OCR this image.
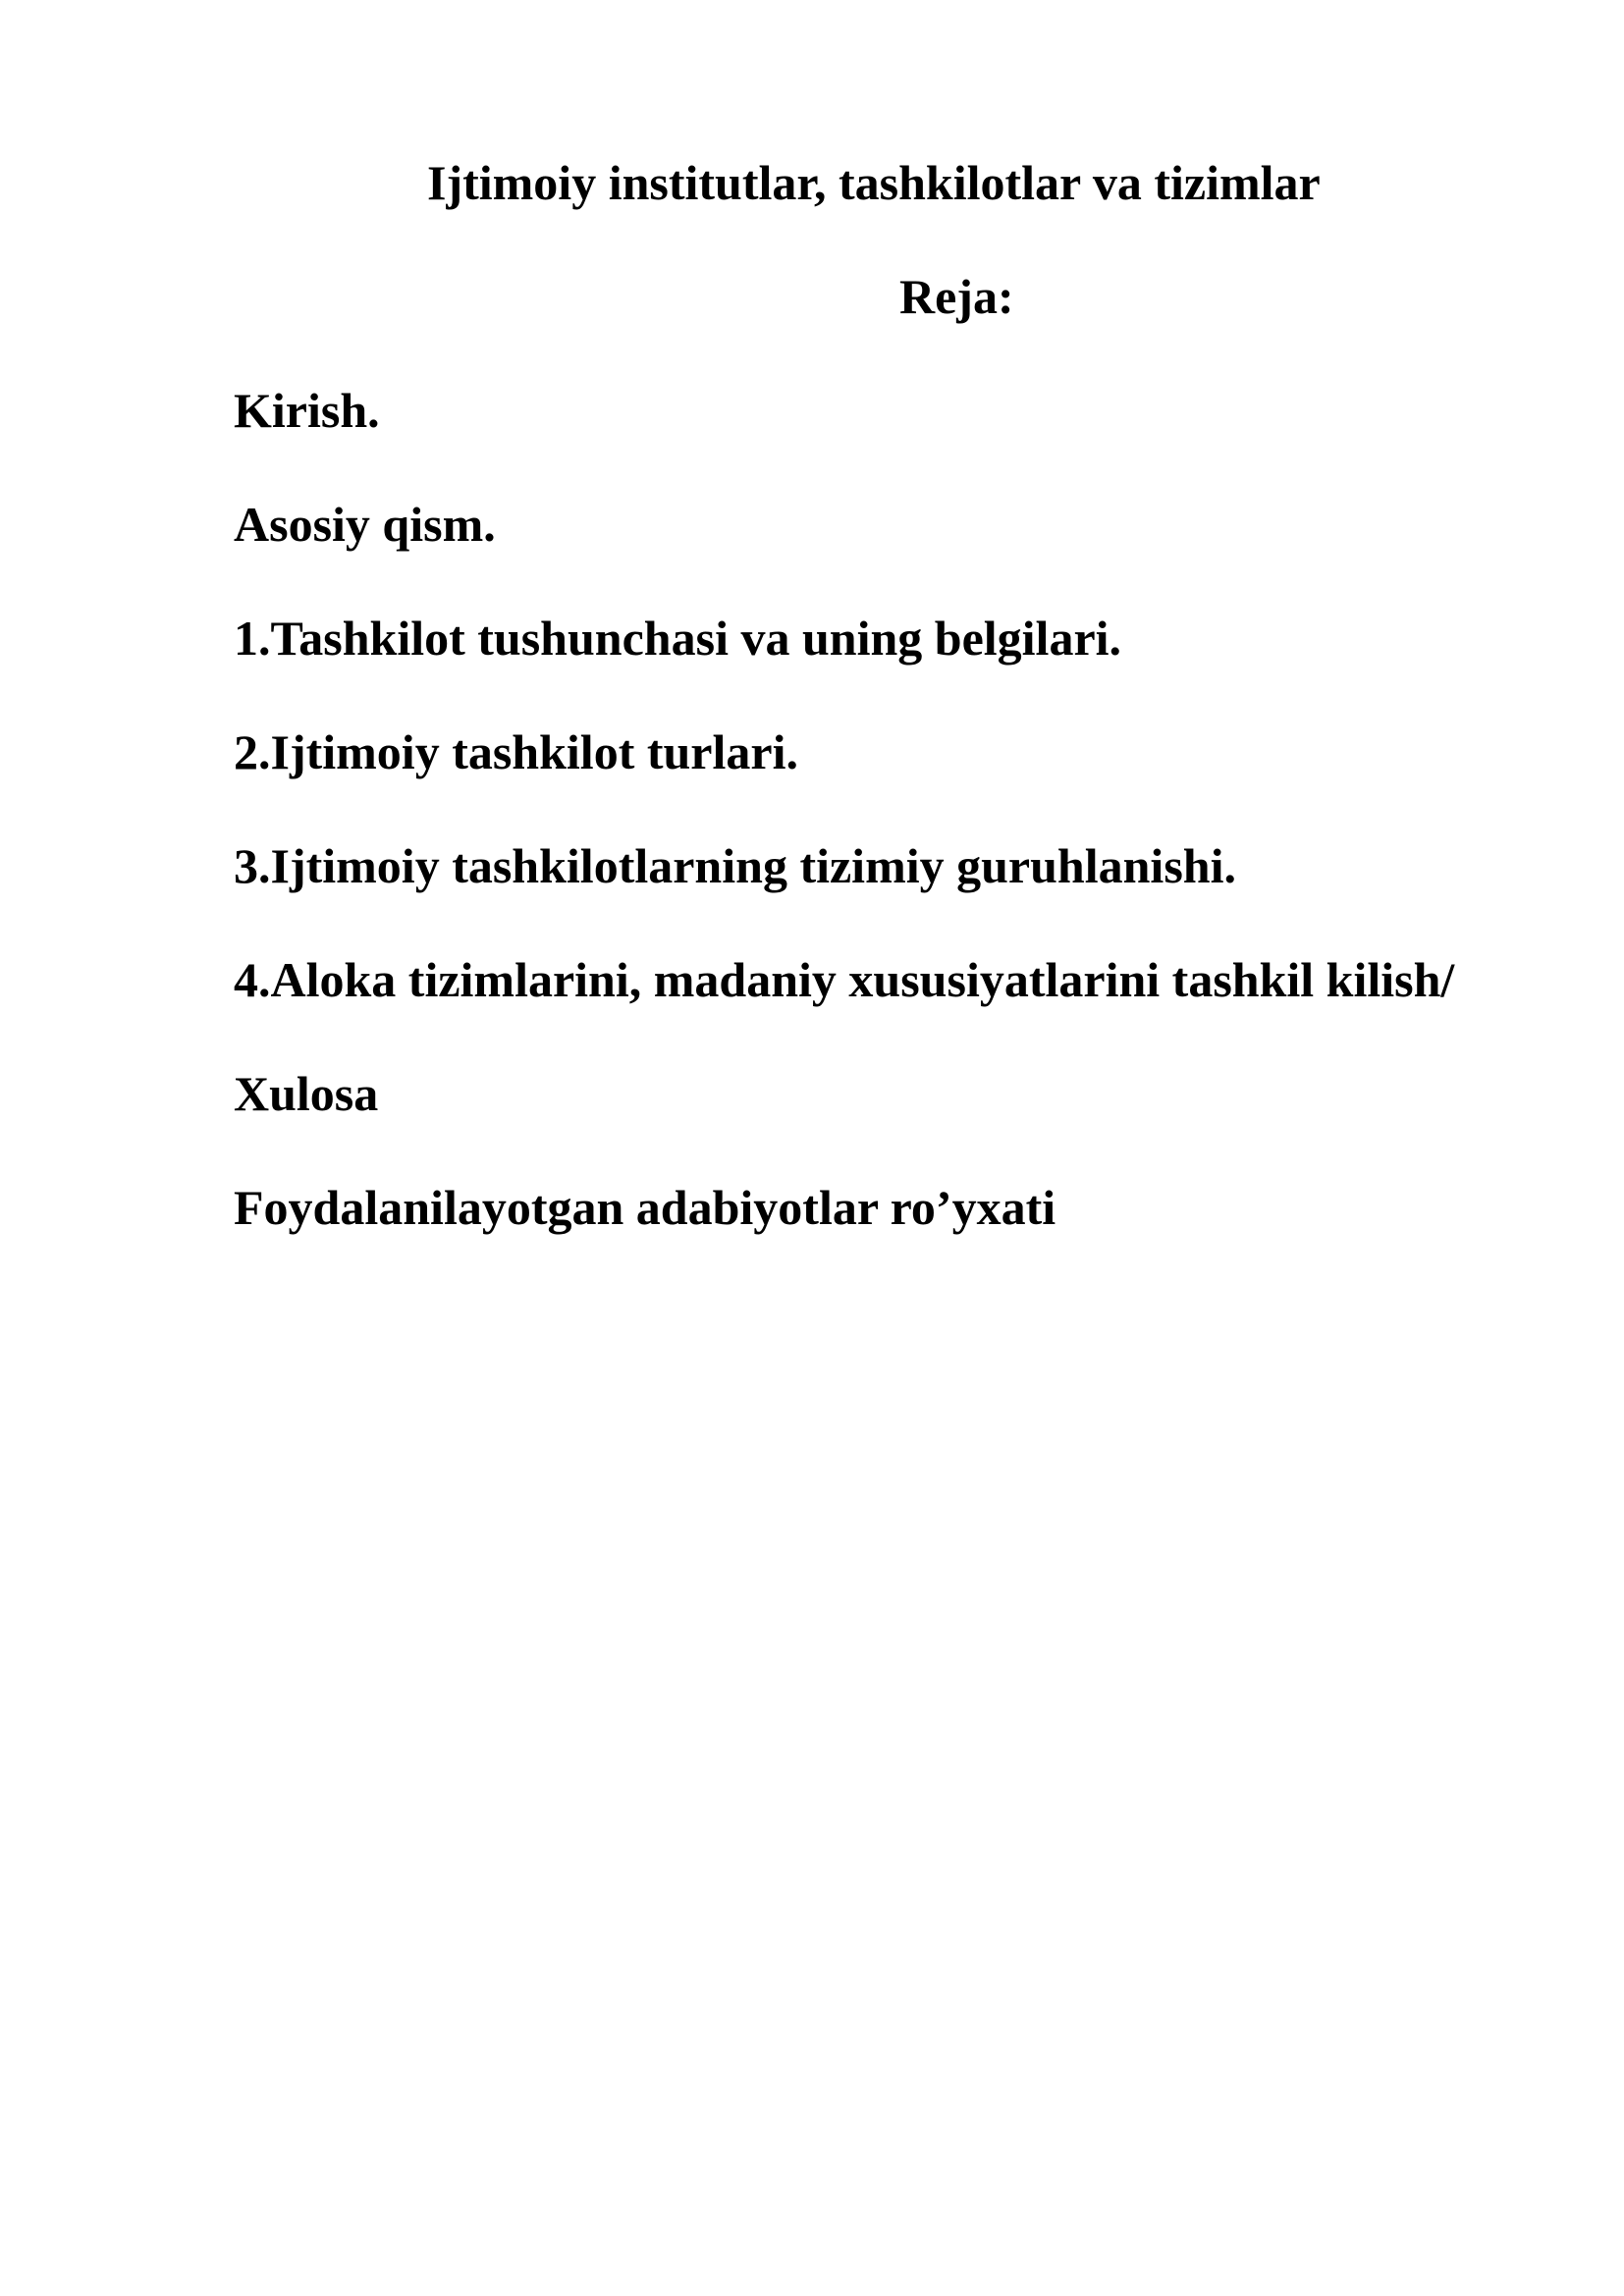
Ijtimoiy institutlar, tashkilotlar va tizimlar

Reja:

Kirish.

Asosiy qism.

1.Tashkilot tushunchasi va uning belgilari.

2.Ijtimoiy tashkilot turlari.

3.Ijtimoiy tashkilotlarning tizimiy guruhlanishi.

4.Aloka tizimlarini, madaniy xususiyatlarini tashkil kilish/

Xulosa

Foydalanilayotgan adabiyotlar ro’yxati
